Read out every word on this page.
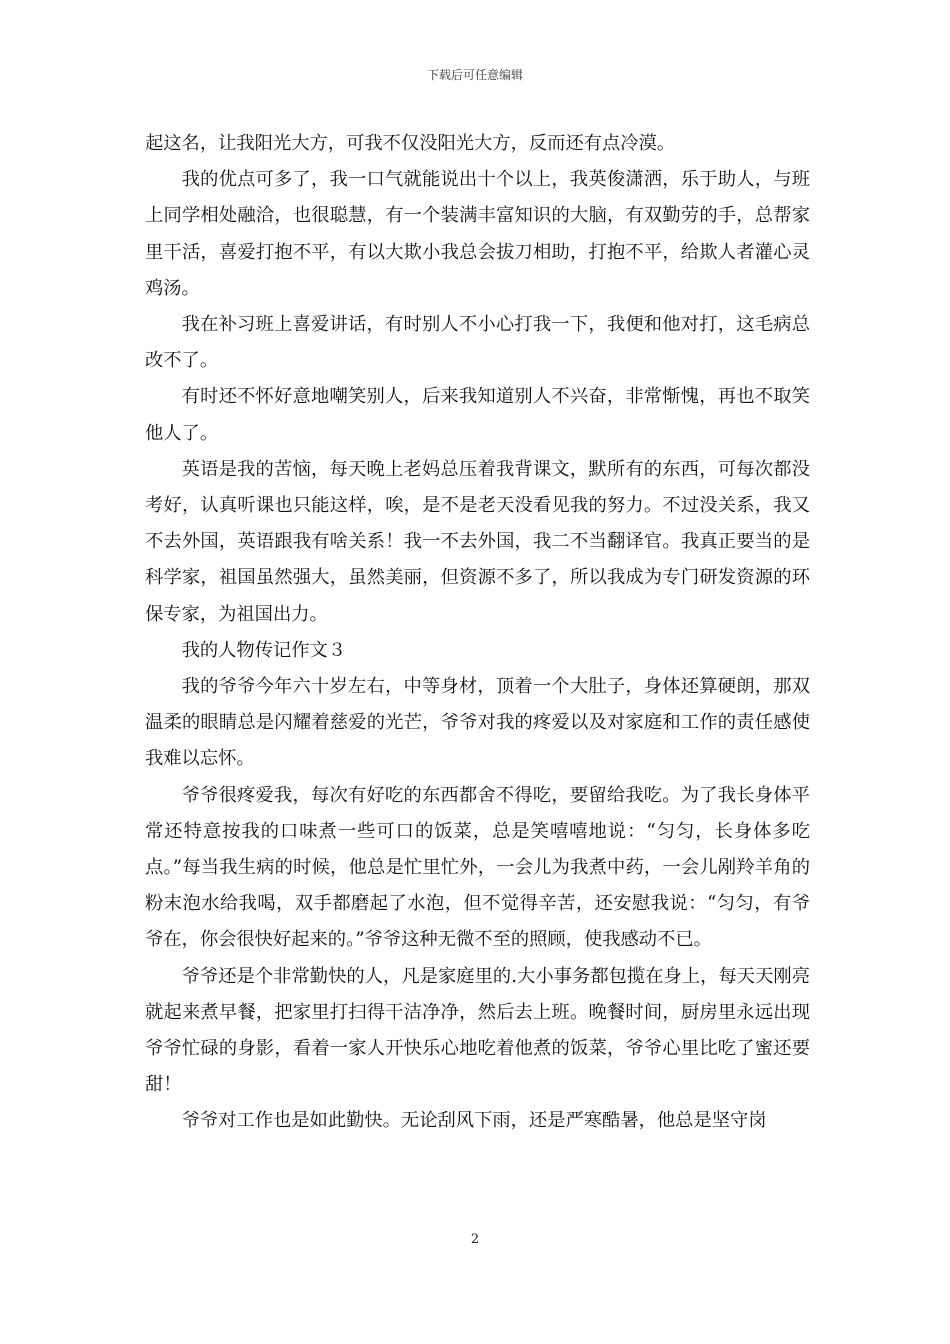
下载后可任意编辑

起这名，让我阳光大方，可我不仅没阳光大方，反而还有点冷漠。

我的优点可多了，我一口气就能说出十个以上，我英俊潇洒，乐于助人，与班上同学相处融洽，也很聪慧，有一个装满丰富知识的大脑，有双勤劳的手，总帮家里干活，喜爱打抱不平，有以大欺小我总会拔刀相助，打抱不平，给欺人者灌心灵鸡汤。

我在补习班上喜爱讲话，有时别人不小心打我一下，我便和他对打，这毛病总改不了。

有时还不怀好意地嘲笑别人，后来我知道别人不兴奋，非常惭愧，再也不取笑他人了。

英语是我的苦恼，每天晚上老妈总压着我背课文，默所有的东西，可每次都没考好，认真听课也只能这样，唉，是不是老天没看见我的努力。不过没关系，我又不去外国，英语跟我有啥关系！我一不去外国，我二不当翻译官。我真正要当的是科学家，祖国虽然强大，虽然美丽，但资源不多了，所以我成为专门研发资源的环保专家，为祖国出力。

我的人物传记作文３

我的爷爷今年六十岁左右，中等身材，顶着一个大肚子，身体还算硬朗，那双温柔的眼睛总是闪耀着慈爱的光芒，爷爷对我的疼爱以及对家庭和工作的责任感使我难以忘怀。

爷爷很疼爱我，每次有好吃的东西都舍不得吃，要留给我吃。为了我长身体平常还特意按我的口味煮一些可口的饭菜，总是笑嘻嘻地说：“匀匀，长身体多吃点。”每当我生病的时候，他总是忙里忙外，一会儿为我煮中药，一会儿剐羚羊角的粉末泡水给我喝，双手都磨起了水泡，但不觉得辛苦，还安慰我说：“匀匀，有爷爷在，你会很快好起来的。”爷爷这种无微不至的照顾，使我感动不已。

爷爷还是个非常勤快的人，凡是家庭里的.大小事务都包揽在身上，每天天刚亮就起来煮早餐，把家里打扫得干洁净净，然后去上班。晚餐时间，厨房里永远出现爷爷忙碌的身影，看着一家人开快乐心地吃着他煮的饭菜，爷爷心里比吃了蜜还要甜！

爷爷对工作也是如此勤快。无论刮风下雨，还是严寒酷暑，他总是坚守岗

2
